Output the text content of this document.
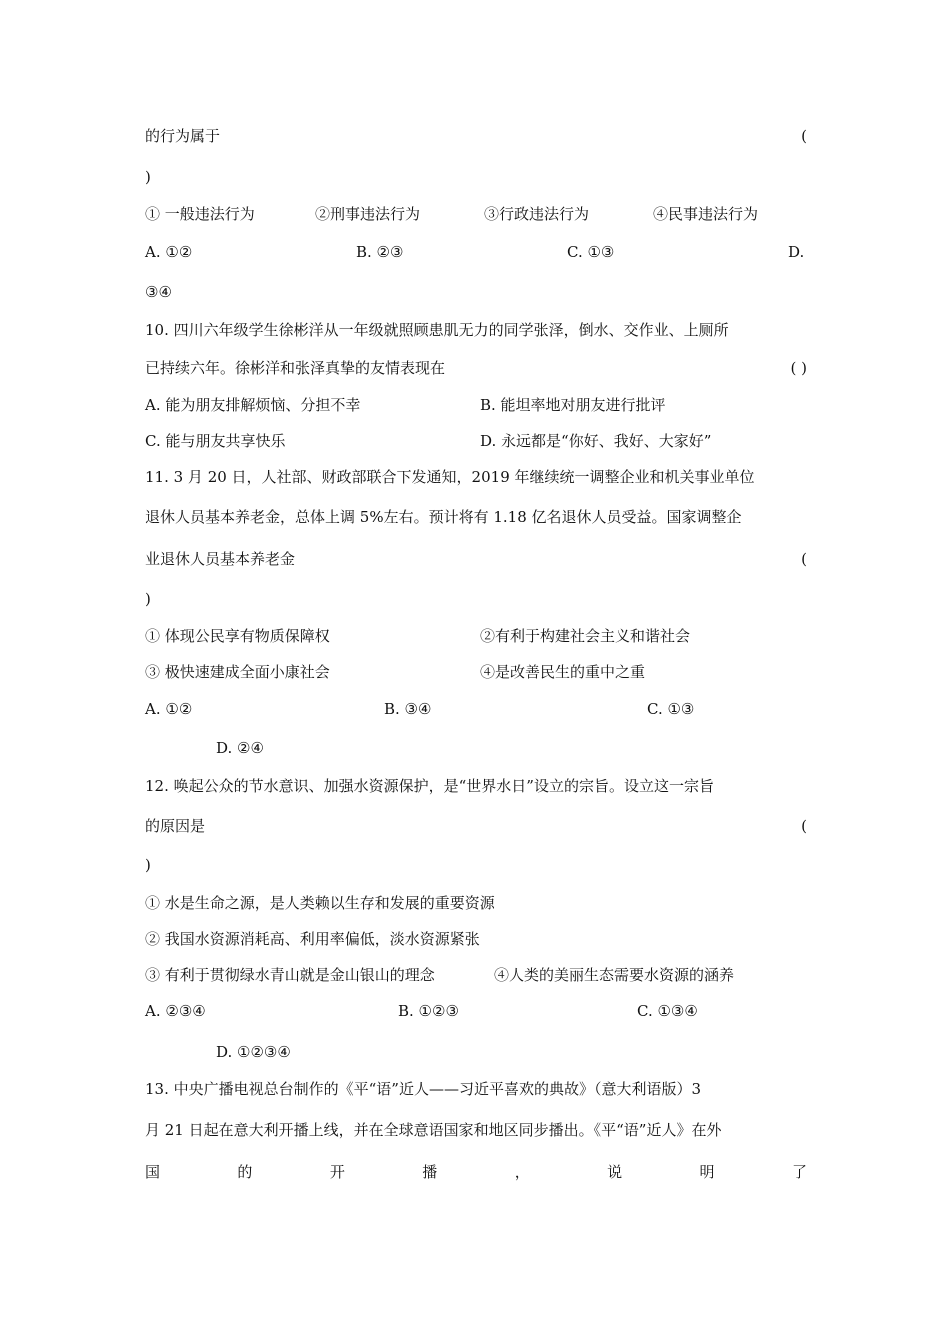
的行为属于	(
)
① 一般违法行为	②刑事违法行为	③行政违法行为	④民事违法行为
A. ①②	B. ②③	C. ①③	D.
③④
10. 四川六年级学生徐彬洋从一年级就照顾患肌无力的同学张泽，倒水、交作业、上厕所
已持续六年。徐彬洋和张泽真挚的友情表现在	( )
A. 能为朋友排解烦恼、分担不幸	B. 能坦率地对朋友进行批评
C. 能与朋友共享快乐	D. 永远都是“你好、我好、大家好”
11. 3 月 20 日，人社部、财政部联合下发通知，2019 年继续统一调整企业和机关事业单位
退休人员基本养老金，总体上调 5%左右。预计将有 1.18 亿名退休人员受益。国家调整企
业退休人员基本养老金	(
)
① 体现公民享有物质保障权	②有利于构建社会主义和谐社会
③ 极快速建成全面小康社会	④是改善民生的重中之重
A. ①②	B. ③④	C. ①③
D. ②④
12. 唤起公众的节水意识、加强水资源保护，是“世界水日”设立的宗旨。设立这一宗旨
的原因是	(
)
① 水是生命之源，是人类赖以生存和发展的重要资源
② 我国水资源消耗高、利用率偏低，淡水资源紧张
③ 有利于贯彻绿水青山就是金山银山的理念	④人类的美丽生态需要水资源的涵养
A. ②③④	B. ①②③	C. ①③④
D. ①②③④
13. 中央广播电视总台制作的《平“语”近人——习近平喜欢的典故》（意大利语版）3
月 21 日起在意大利开播上线，并在全球意语国家和地区同步播出。《平“语”近人》在外
国	的	开	播	，	说	明	了
